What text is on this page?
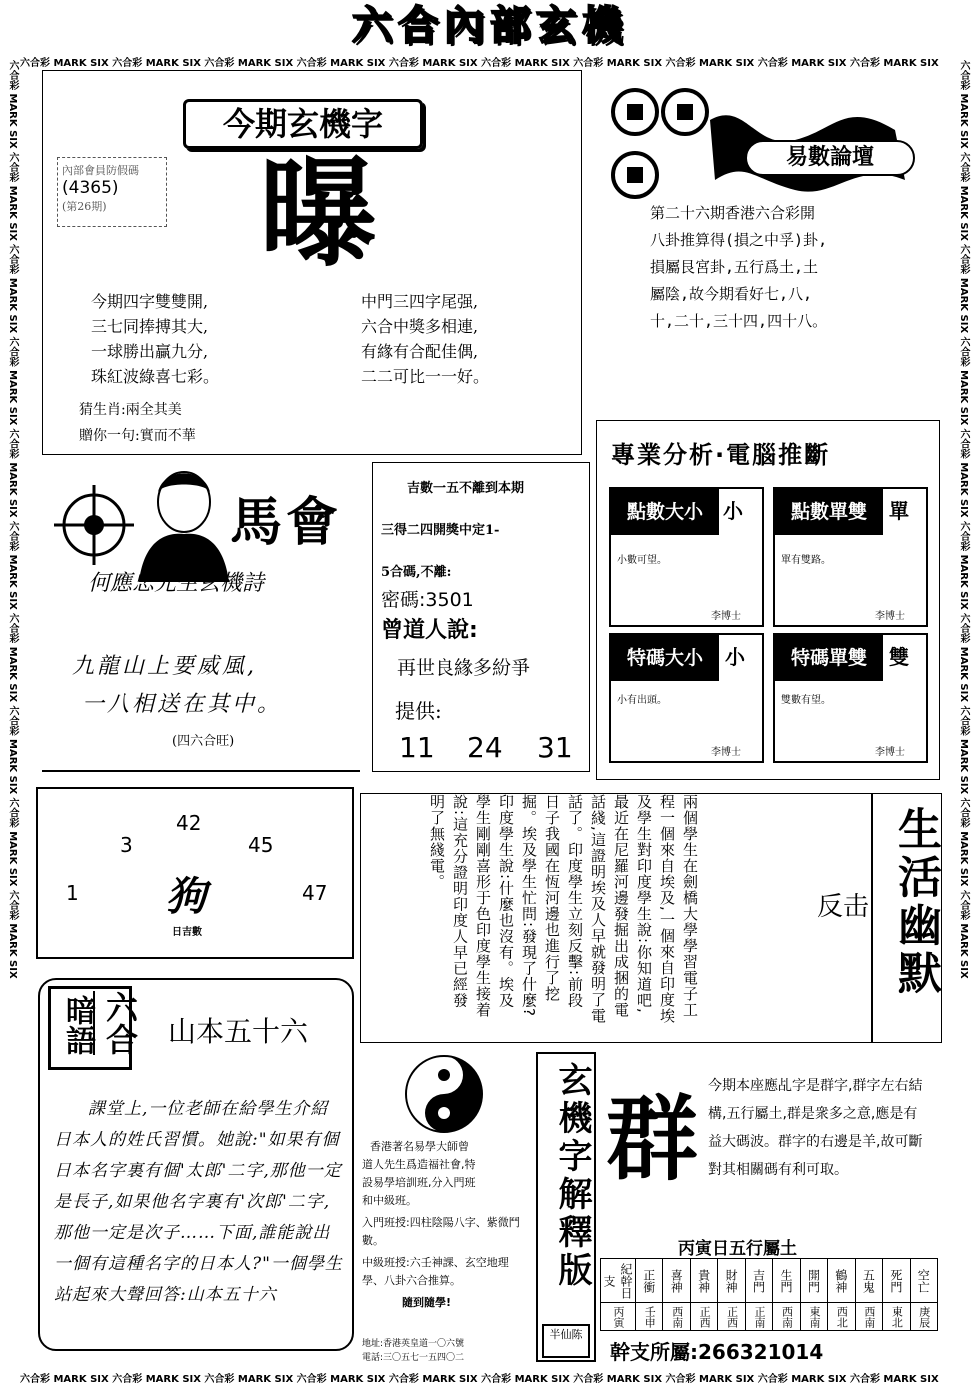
六合內部玄機
六合彩 MARK SIX 六合彩 MARK SIX 六合彩 MARK SIX 六合彩 MARK SIX 六合彩 MARK SIX 六合彩 MARK SIX 六合彩 MARK SIX 六合彩 MARK SIX 六合彩 MARK SIX 六合彩 MARK SIX
六合彩 MARK SIX 六合彩 MARK SIX 六合彩 MARK SIX 六合彩 MARK SIX 六合彩 MARK SIX 六合彩 MARK SIX 六合彩 MARK SIX 六合彩 MARK SIX 六合彩 MARK SIX 六合彩 MARK SIX
六合彩 MARK SIX 六合彩 MARK SIX 六合彩 MARK SIX 六合彩 MARK SIX 六合彩 MARK SIX 六合彩 MARK SIX 六合彩 MARK SIX 六合彩 MARK SIX 六合彩 MARK SIX 六合彩 MARK SIX	六合彩 MARK SIX 六合彩 MARK SIX 六合彩 MARK SIX 六合彩 MARK SIX 六合彩 MARK SIX 六合彩 MARK SIX 六合彩 MARK SIX 六合彩 MARK SIX 六合彩 MARK SIX 六合彩 MARK SIX
今期玄機字
內部會員防假碼
(4365)
(第26期)	曝
今期四字雙雙開,
三七同捧搏其大,
一球勝出贏九分,
珠紅波綠喜七彩。
中門三四字尾强,
六合中獎多相連,
有緣有合配佳偶,
二二可比一一好。
猜生肖:兩全其美
贈你一句:實而不華
易數論壇
第二十六期香港六合彩開
八卦推算得(損之中孚)卦,
損屬艮宮卦,五行爲土,土
屬陰,故今期看好七,八,
十,二十,三十四,四十八。
馬會
何應忠先生玄機詩
九龍山上要威風,
一八相送在其中。
(四六合旺)
吉數一五不離到本期
三得二四開獎中定1-
5合碼,不離:
密碼:3501
曾道人說:
再世良緣多紛爭
提供:
11 24 31
專業分析·電腦推斷
點數大小	小
小數可望。
李博士
點數單雙	單
單有雙路。
李博士
特碼大小	小
小有出頭。
李博士
特碼單雙	雙
雙數有望。
李博士
42
3	45
1	47
狗
日吉數	兩個學生在劍橋大學學習電子工程一個來自埃及,一個來自印度埃及學生對印度學生說:你知道吧,最近在尼羅河邊發掘出成捆的電話綫,這證明埃及人早就發明了電話了。印度學生立刻反擊:前段日子我國在恆河邊也進行了挖掘。埃及學生忙問:發現了什麼?印度學生說:什麼也沒有。埃及學生剛剛喜形于色印度學生接着說:這充分證明印度人早已經發明了無綫電。
反击 生活幽默
暗語 六合 山本五十六
課堂上,一位老師在給學生介紹日本人的姓氏習慣。她說:"如果有個日本名字裏有個'太郎'二字,那他一定是長子,如果他名字裏有'次郎'二字,那他一定是次子……下面,誰能說出一個有這種名字的日本人?"一個學生站起來大聲回答:山本五十六
香港著名易學大師曾
道人先生爲造福社會,特
設易學培訓班,分入門班
和中級班。
入門班授:四柱陰陽八字、紫微鬥數。
中級班授:六壬神課、玄空地理學、八卦六合推算。
隨到隨學!
地址:香港英皇道一〇六號
電話:三〇五七一五四〇二
玄機字解釋版
半仙陈
群 今期本座應乩字是群字,群字左右結構,五行屬土,群是衆多之意,應是有益大碼波。群字的右邊是羊,故可斷對其相關碼有利可取。
丙寅日五行屬土
紀幹日支	正衝	喜神	貴神	財神	吉門	生門	開門	鶴神	五鬼	死門	空亡
丙寅	壬申	西南	正西	正西	正南	西南	東南	西北	西南	東北	庚辰
幹支所屬:266321014
